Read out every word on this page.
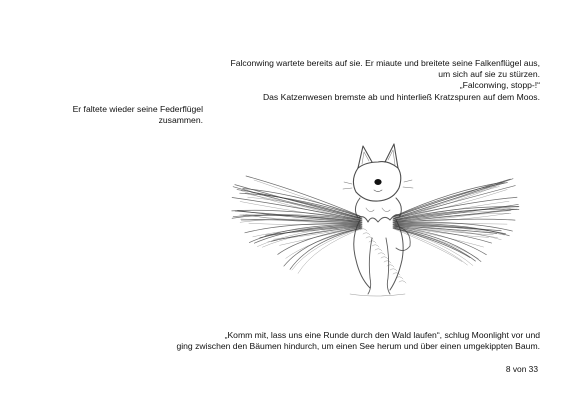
Falconwing wartete bereits auf sie. Er miaute und breitete seine Falkenflügel aus,
um sich auf sie zu stürzen.
„Falconwing, stopp-!“
Das Katzenwesen bremste ab und hinterließ Kratzspuren auf dem Moos.
Er faltete wieder seine Federflügel
zusammen.
„Komm mit, lass uns eine Runde durch den Wald laufen“, schlug Moonlight vor und
ging zwischen den Bäumen hindurch, um einen See herum und über einen umgekippten Baum.
8 von 33
